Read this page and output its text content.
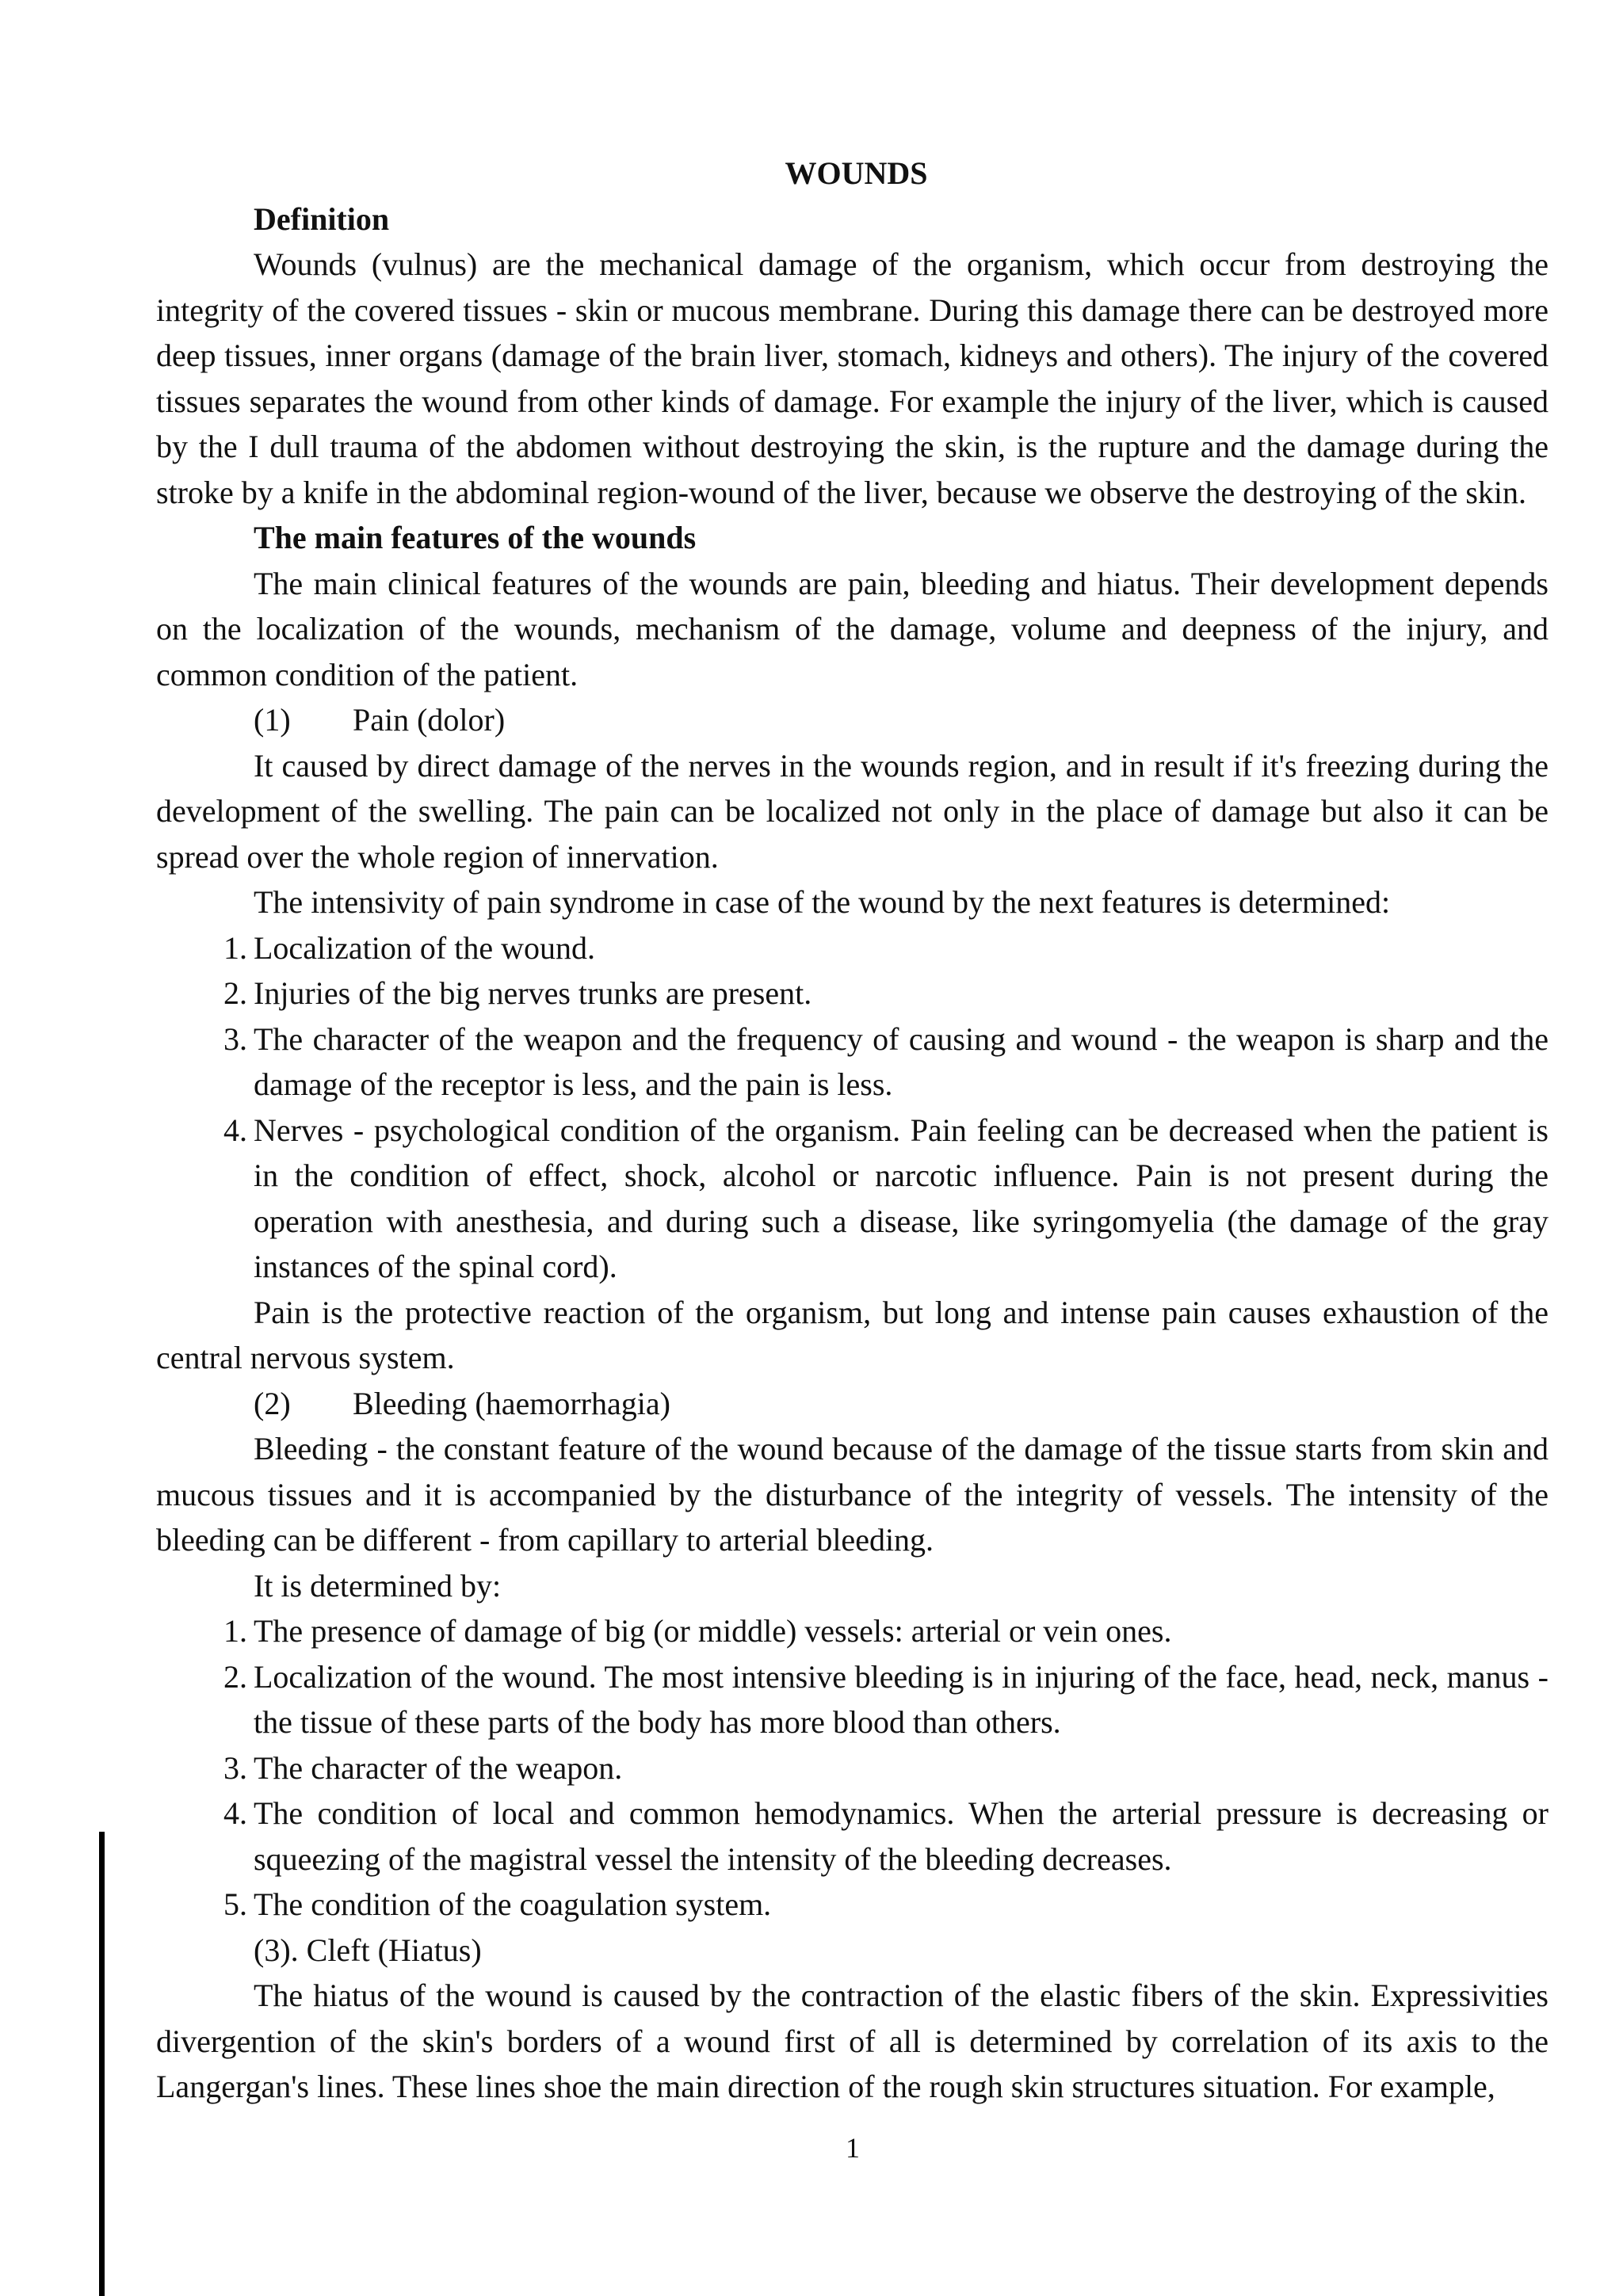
WOUNDS

Definition

Wounds (vulnus) are the mechanical damage of the organism, which occur from destroying the integrity of the covered tissues - skin or mucous membrane. During this damage there can be destroyed more deep tissues, inner organs (damage of the brain liver, stomach, kidneys and others). The injury of the covered tissues separates the wound from other kinds of damage. For example the injury of the liver, which is caused by the I dull trauma of the abdomen without destroying the skin, is the rupture and the damage during the stroke by a knife in the abdominal region-wound of the liver, because we observe the destroying of the skin.

The main features of the wounds

The main clinical features of the wounds are pain, bleeding and hiatus. Their development depends on the localization of the wounds, mechanism of the damage, volume and deepness of the injury, and common condition of the patient.

(1) Pain (dolor)

It caused by direct damage of the nerves in the wounds region, and in result if it's freezing during the development of the swelling. The pain can be localized not only in the place of damage but also it can be spread over the whole region of innervation.

The intensivity of pain syndrome in case of the wound by the next features is determined:

1. Localization of the wound.
2. Injuries of the big nerves trunks are present.
3. The character of the weapon and the frequency of causing and wound - the weapon is sharp and the damage of the receptor is less, and the pain is less.
4. Nerves - psychological condition of the organism. Pain feeling can be decreased when the patient is in the condition of effect, shock, alcohol or narcotic influence. Pain is not present during the operation with anesthesia, and during such a disease, like syringomyelia (the damage of the gray instances of the spinal cord).

Pain is the protective reaction of the organism, but long and intense pain causes exhaustion of the central nervous system.

(2) Bleeding (haemorrhagia)

Bleeding - the constant feature of the wound because of the damage of the tissue starts from skin and mucous tissues and it is accompanied by the disturbance of the integrity of vessels. The intensity of the bleeding can be different - from capillary to arterial bleeding.

It is determined by:

1. The presence of damage of big (or middle) vessels: arterial or vein ones.
2. Localization of the wound. The most intensive bleeding is in injuring of the face, head, neck, manus - the tissue of these parts of the body has more blood than others.
3. The character of the weapon.
4. The condition of local and common hemodynamics. When the arterial pressure is decreasing or squeezing of the magistral vessel the intensity of the bleeding decreases.
5. The condition of the coagulation system.

(3). Cleft (Hiatus)

The hiatus of the wound is caused by the contraction of the elastic fibers of the skin. Expressivities divergention of the skin's borders of a wound first of all is determined by correlation of its axis to the Langergan's lines. These lines shoe the main direction of the rough skin structures situation. For example,

1
